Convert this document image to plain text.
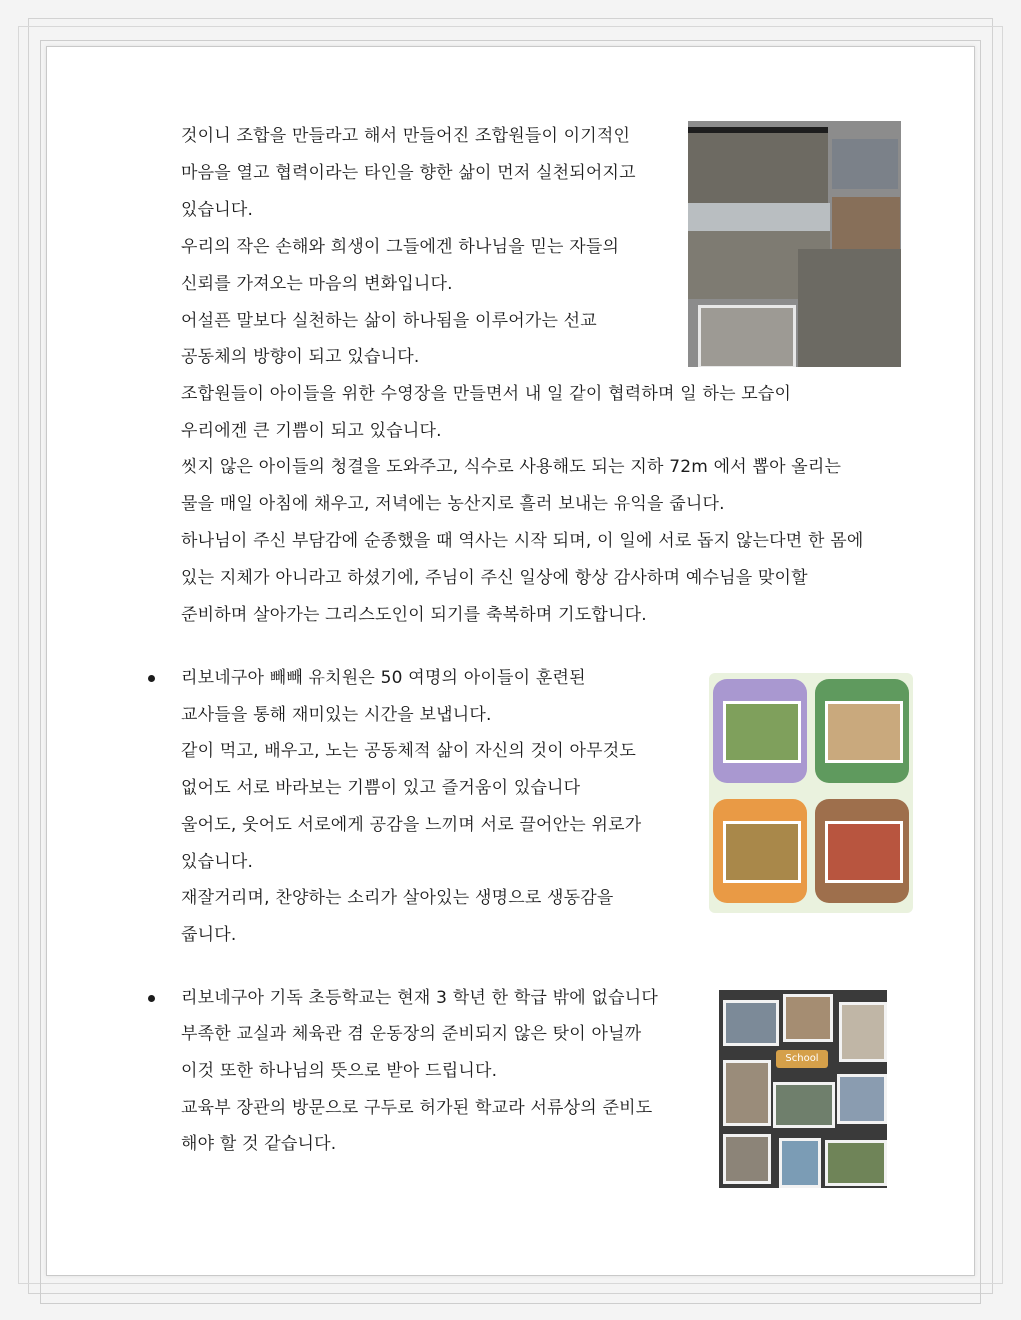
것이니 조합을 만들라고 해서 만들어진 조합원들이 이기적인
마음을 열고 협력이라는 타인을 향한 삶이 먼저 실천되어지고
있습니다.
우리의 작은 손해와 희생이 그들에겐 하나님을 믿는 자들의
신뢰를 가져오는 마음의 변화입니다.
어설픈 말보다 실천하는 삶이 하나됨을 이루어가는 선교
공동체의 방향이 되고 있습니다.
조합원들이 아이들을 위한 수영장을 만들면서 내 일 같이 협력하며 일 하는 모습이
우리에겐 큰 기쁨이 되고 있습니다.
씻지 않은 아이들의 청결을 도와주고, 식수로 사용해도 되는 지하 72m 에서 뽑아 올리는
물을 매일 아침에 채우고, 저녁에는 농산지로 흘러 보내는 유익을 줍니다.
하나님이 주신 부담감에 순종했을 때 역사는 시작 되며, 이 일에 서로 돕지 않는다면 한 몸에
있는 지체가 아니라고 하셨기에, 주님이 주신 일상에 항상 감사하며 예수님을 맞이할
준비하며 살아가는 그리스도인이 되기를 축복하며 기도합니다.
리보네구아 빼빼 유치원은 50 여명의 아이들이 훈련된
교사들을 통해 재미있는 시간을 보냅니다.
같이 먹고, 배우고, 노는 공동체적 삶이 자신의 것이 아무것도
없어도 서로 바라보는 기쁨이 있고 즐거움이 있습니다
울어도, 웃어도 서로에게 공감을 느끼며 서로 끌어안는 위로가
있습니다.
재잘거리며, 찬양하는 소리가 살아있는 생명으로 생동감을
줍니다.
리보네구아 기독 초등학교는 현재 3 학년 한 학급 밖에 없습니다
부족한 교실과 체육관 겸 운동장의 준비되지 않은 탓이 아닐까
이것 또한 하나님의 뜻으로 받아 드립니다.
교육부 장관의 방문으로 구두로 허가된 학교라 서류상의 준비도
해야 할 것 같습니다.
School
